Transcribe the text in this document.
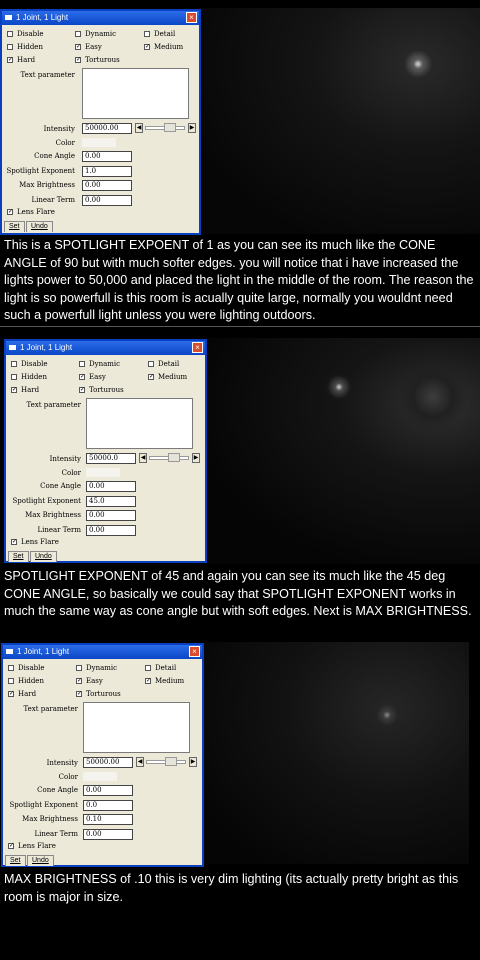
1 Joint, 1 Light	×
Disable	Dynamic	Detail
Hidden	✓ Easy	✓ Medium
✓ Hard	✓ Torturous
Text parameter
Intensity	50000.00	◀	▶
Color
Cone Angle	0.00
Spotlight Exponent	1.0
Max Brightness	0.00
Linear Term	0.00
✓ Lens Flare
Set	Undo
This is a SPOTLIGHT EXPOENT of 1 as you can see its much like the CONE ANGLE of 90 but with much softer edges. you will notice that i have increased the lights power to 50,000 and placed the light in the middle of the room. The reason the light is so powerfull is this room is acually quite large, normally you wouldnt need such a powerfull light unless you were lighting outdoors.
1 Joint, 1 Light	×
Disable	Dynamic	Detail
Hidden	✓ Easy	✓ Medium
✓ Hard	✓ Torturous
Text parameter
Intensity	50000.0	◀	▶
Color
Cone Angle	0.00
Spotlight Exponent	45.0
Max Brightness	0.00
Linear Term	0.00
✓ Lens Flare
Set	Undo
SPOTLIGHT EXPONENT of 45 and again you can see its much like the 45 deg CONE ANGLE, so basically we could say that SPOTLIGHT EXPONENT works in much the same way as cone angle but with soft edges. Next is MAX BRIGHTNESS.
1 Joint, 1 Light	×
Disable	Dynamic	Detail
Hidden	✓ Easy	✓ Medium
✓ Hard	✓ Torturous
Text parameter
Intensity	50000.00	◀	▶
Color
Cone Angle	0.00
Spotlight Exponent	0.0
Max Brightness	0.10
Linear Term	0.00
✓ Lens Flare
Set	Undo
MAX BRIGHTNESS of .10 this is very dim lighting (its actually pretty bright as this room is major in size.
